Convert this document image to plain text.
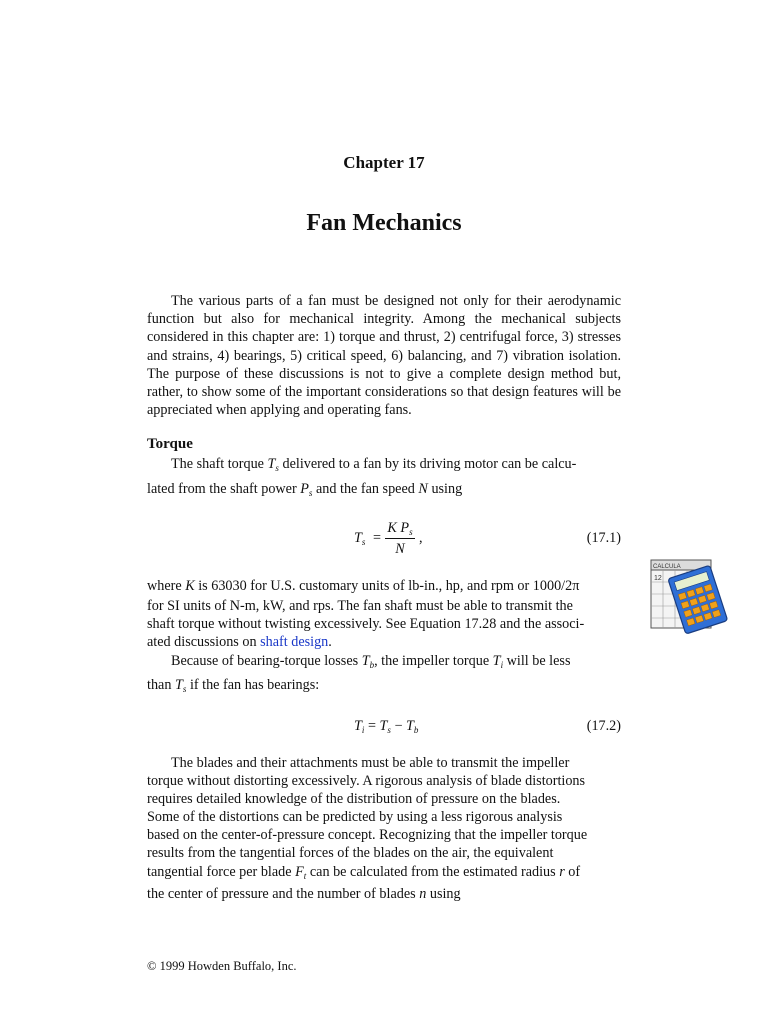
Chapter 17
Fan Mechanics

The various parts of a fan must be designed not only for their aerodynamic function but also for mechanical integrity. Among the mechanical subjects considered in this chapter are: 1) torque and thrust, 2) centrifugal force, 3) stresses and strains, 4) bearings, 5) critical speed, 6) balancing, and 7) vibration isolation. The purpose of these discussions is not to give a complete design method but, rather, to show some of the important considerations so that design features will be appreciated when applying and operating fans.

Torque
The shaft torque $T_s$ delivered to a fan by its driving motor can be calcu-
lated from the shaft power $P_s$ and the fan speed N using
$T_s$ =
K $P_s$
N
,	(17.1)
where K is 63030 for U.S. customary units of lb-in., hp, and rpm or 1000/2π
for SI units of N-m, kW, and rps. The fan shaft must be able to transmit the
shaft torque without twisting excessively. See Equation 17.28 and the associ-
ated discussions on shaft design.
Because of bearing-torque losses $T_b$, the impeller torque $T_i$ will be less
than $T_s$ if the fan has bearings:
$T_i = T_s - T_b$	(17.2)
The blades and their attachments must be able to transmit the impeller
torque without distorting excessively. A rigorous analysis of blade distortions
requires detailed knowledge of the distribution of pressure on the blades.
Some of the distortions can be predicted by using a less rigorous analysis
based on the center-of-pressure concept. Recognizing that the impeller torque
results from the tangential forces of the blades on the air, the equivalent
tangential force per blade $F_t$ can be calculated from the estimated radius r of
the center of pressure and the number of blades n using
12
CALCULA
© 1999 Howden Buffalo, Inc.
